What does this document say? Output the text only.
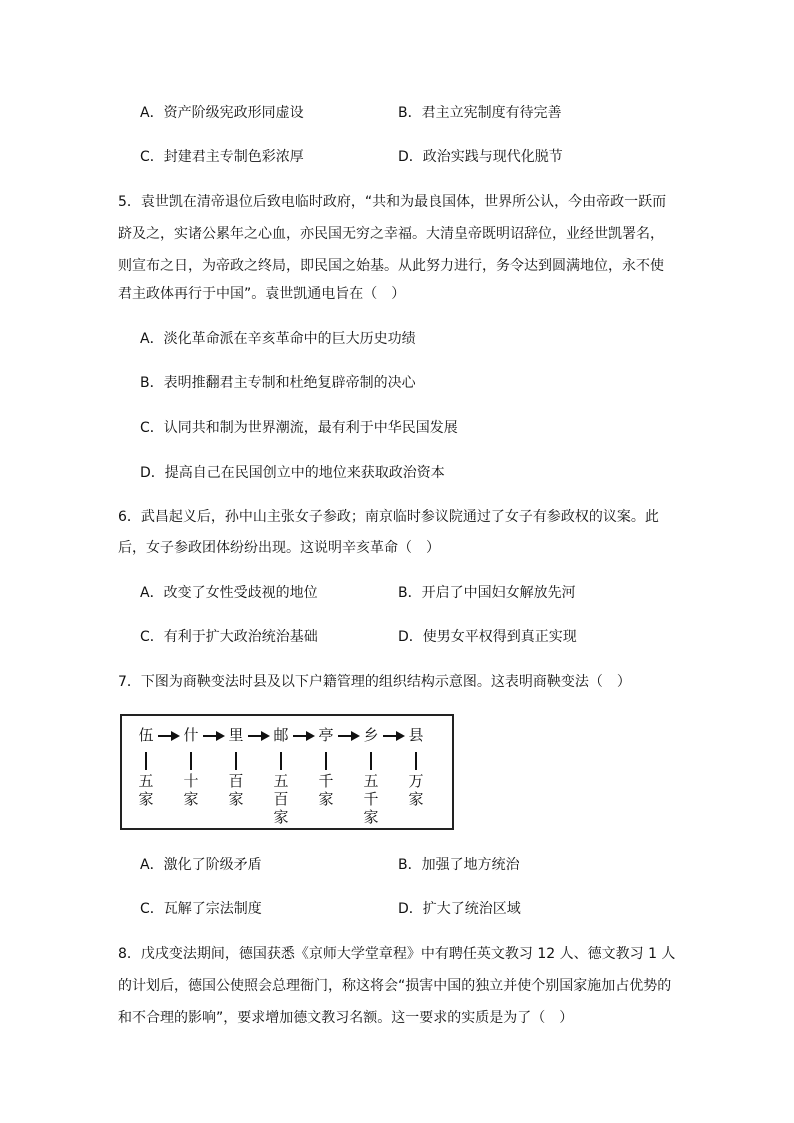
A．资产阶级宪政形同虚设	B．君主立宪制度有待完善
C．封建君主专制色彩浓厚	D．政治实践与现代化脱节
5．袁世凯在清帝退位后致电临时政府，“共和为最良国体，世界所公认，今由帝政一跃而
跻及之，实诸公累年之心血，亦民国无穷之幸福。大清皇帝既明诏辞位，业经世凯署名，
则宣布之日，为帝政之终局，即民国之始基。从此努力进行，务令达到圆满地位，永不使
君主政体再行于中国”。袁世凯通电旨在（　）
A．淡化革命派在辛亥革命中的巨大历史功绩
B．表明推翻君主专制和杜绝复辟帝制的决心
C．认同共和制为世界潮流，最有利于中华民国发展
D．提高自己在民国创立中的地位来获取政治资本
6．武昌起义后，孙中山主张女子参政；南京临时参议院通过了女子有参政权的议案。此
后，女子参政团体纷纷出现。这说明辛亥革命（　）
A．改变了女性受歧视的地位	B．开启了中国妇女解放先河
C．有利于扩大政治统治基础	D．使男女平权得到真正实现
7．下图为商鞅变法时县及以下户籍管理的组织结构示意图。这表明商鞅变法（　）
伍	什	里	邮	亭	乡	县
五
家
十
家
百
家
五
百
家
千
家
五
千
家
万
家
A．激化了阶级矛盾	B．加强了地方统治
C．瓦解了宗法制度	D．扩大了统治区域
8．戊戌变法期间，德国获悉《京师大学堂章程》中有聘任英文教习 12 人、德文教习 1 人
的计划后，德国公使照会总理衙门，称这将会“损害中国的独立并使个别国家施加占优势的
和不合理的影响”，要求增加德文教习名额。这一要求的实质是为了（　）
